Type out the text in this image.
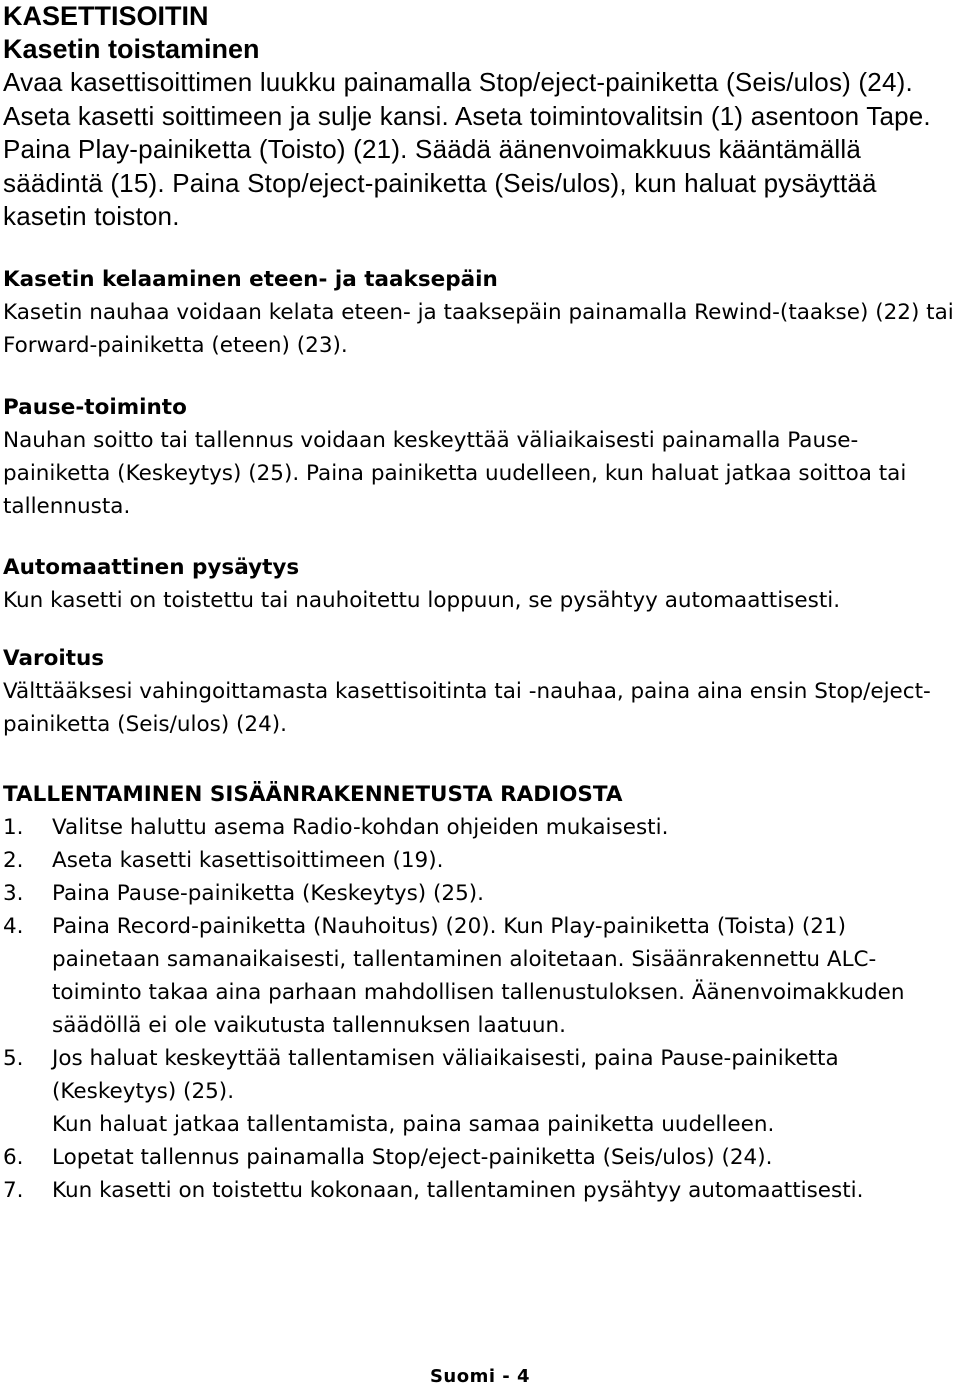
KASETTISOITIN
Kasetin toistaminen

Avaa kasettisoittimen luukku painamalla Stop/eject-painiketta (Seis/ulos) (24). Aseta kasetti soittimeen ja sulje kansi. Aseta toimintovalitsin (1) asentoon Tape. Paina Play-painiketta (Toisto) (21). Säädä äänenvoimakkuus kääntämällä säädintä (15). Paina Stop/eject-painiketta (Seis/ulos), kun haluat pysäyttää kasetin toiston.

Kasetin kelaaminen eteen- ja taaksepäin

Kasetin nauhaa voidaan kelata eteen- ja taaksepäin painamalla Rewind-(taakse) (22) tai Forward-painiketta (eteen) (23).

Pause-toiminto

Nauhan soitto tai tallennus voidaan keskeyttää väliaikaisesti painamalla Pause-painiketta (Keskeytys) (25). Paina painiketta uudelleen, kun haluat jatkaa soittoa tai tallennusta.

Automaattinen pysäytys

Kun kasetti on toistettu tai nauhoitettu loppuun, se pysähtyy automaattisesti.

Varoitus

Välttääksesi vahingoittamasta kasettisoitinta tai -nauhaa, paina aina ensin Stop/eject-painiketta (Seis/ulos) (24).

TALLENTAMINEN SISÄÄNRAKENNETUSTA RADIOSTA
1.	Valitse haluttu asema Radio-kohdan ohjeiden mukaisesti.
2.	Aseta kasetti kasettisoittimeen (19).
3.	Paina Pause-painiketta (Keskeytys) (25).
4.	Paina Record-painiketta (Nauhoitus) (20). Kun Play-painiketta (Toista) (21) painetaan samanaikaisesti, tallentaminen aloitetaan. Sisäänrakennettu ALC-toiminto takaa aina parhaan mahdollisen tallenustuloksen. Äänenvoimakkuden säädöllä ei ole vaikutusta tallennuksen laatuun.
5.	Jos haluat keskeyttää tallentamisen väliaikaisesti, paina Pause-painiketta (Keskeytys) (25).
Kun haluat jatkaa tallentamista, paina samaa painiketta uudelleen.
6.	Lopetat tallennus painamalla Stop/eject-painiketta (Seis/ulos) (24).
7.	Kun kasetti on toistettu kokonaan, tallentaminen pysähtyy automaattisesti.
Suomi - 4
